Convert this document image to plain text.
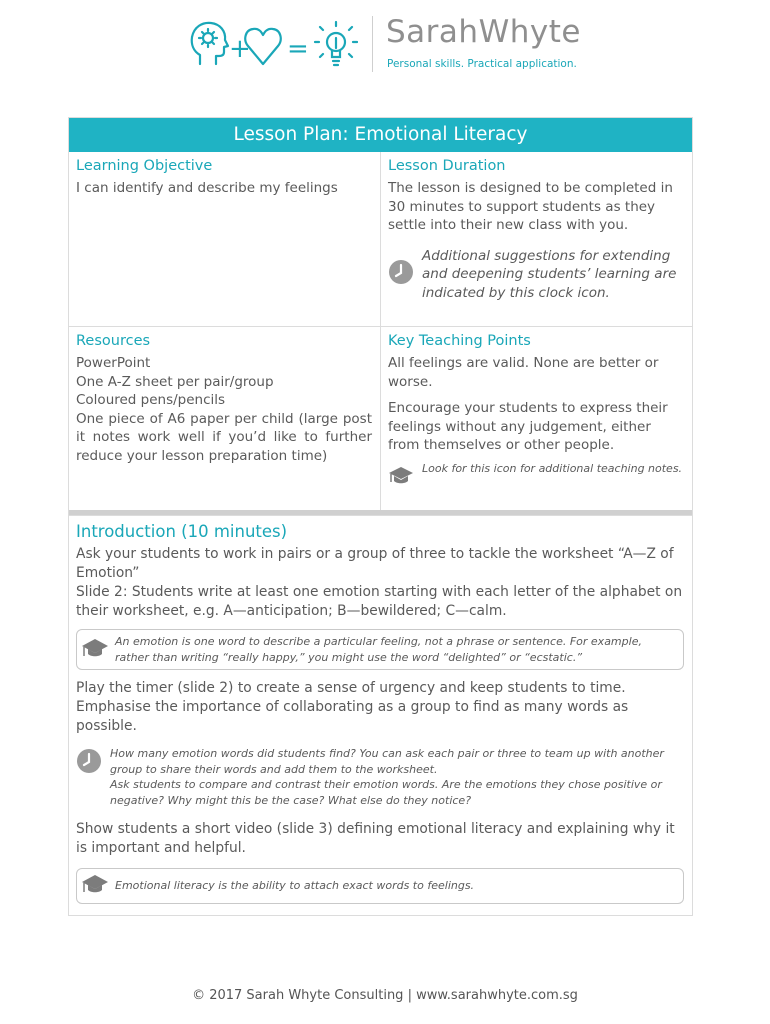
+ = SarahWhyte
Personal skills. Practical application.
Lesson Plan: Emotional Literacy
Learning Objective

I can identify and describe my feelings

Lesson Duration

The lesson is designed to be completed in 30 minutes to support students as they settle into their new class with you.

Additional suggestions for extending and deepening students’ learning are indicated by this clock icon.

Resources
PowerPoint
One A-Z sheet per pair/group
Coloured pens/pencils
One piece of A6 paper per child (large post it notes work well if you’d like to further reduce your lesson preparation time)
Key Teaching Points

All feelings are valid. None are better or worse.

Encourage your students to express their feelings without any judgement, either from themselves or other people.

Look for this icon for additional teaching notes.

Introduction (10 minutes)

Ask your students to work in pairs or a group of three to tackle the worksheet “A—Z of Emotion”

Slide 2: Students write at least one emotion starting with each letter of the alphabet on their worksheet, e.g. A—anticipation; B—bewildered; C—calm.

An emotion is one word to describe a particular feeling, not a phrase or sentence. For example, rather than writing “really happy,” you might use the word “delighted” or “ecstatic.”

Play the timer (slide 2) to create a sense of urgency and keep students to time. Emphasise the importance of collaborating as a group to find as many words as possible.

How many emotion words did students find? You can ask each pair or three to team up with another group to share their words and add them to the worksheet.
Ask students to compare and contrast their emotion words. Are the emotions they chose positive or negative? Why might this be the case? What else do they notice?

Show students a short video (slide 3) defining emotional literacy and explaining why it is important and helpful.

Emotional literacy is the ability to attach exact words to feelings.
© 2017 Sarah Whyte Consulting | www.sarahwhyte.com.sg
